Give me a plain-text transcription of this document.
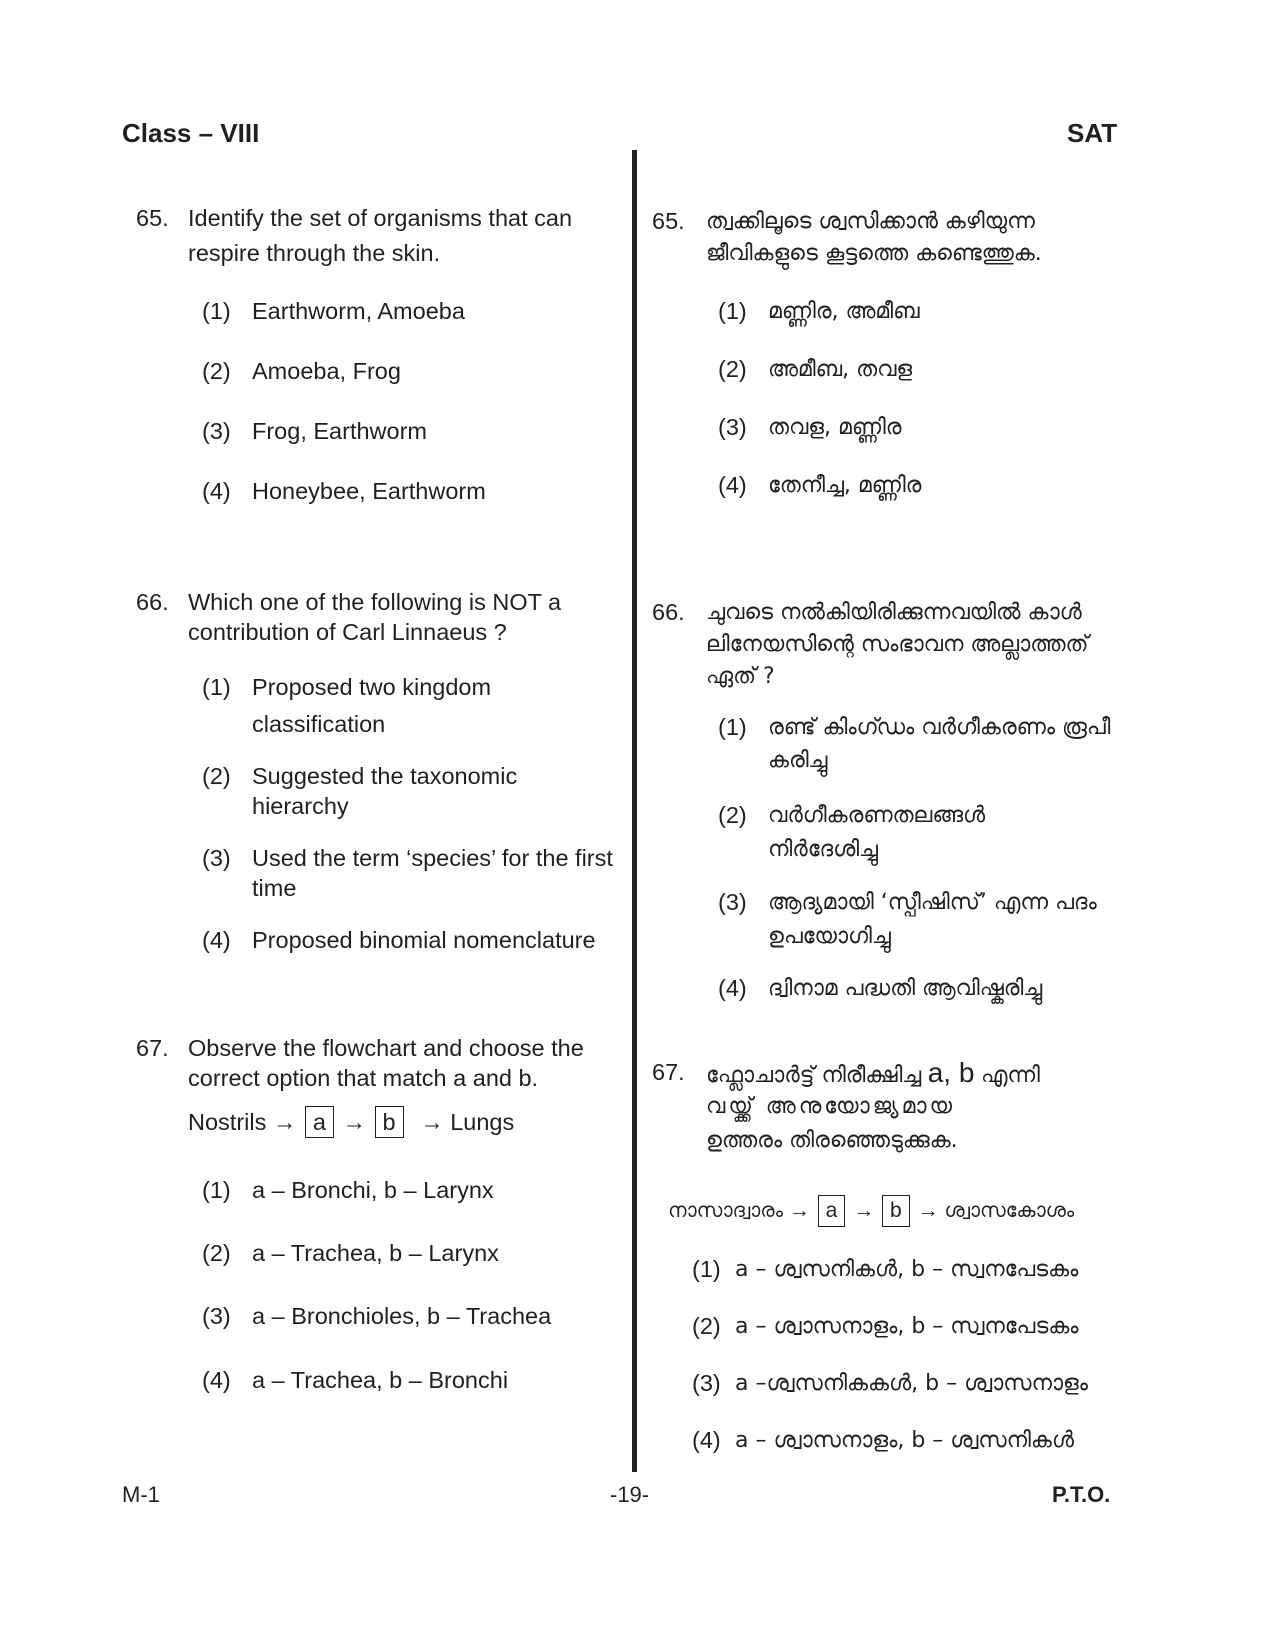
Class – VIII	SAT
65. Identify the set of organisms that can
respire through the skin.
(1) Earthworm, Amoeba
(2) Amoeba, Frog
(3) Frog, Earthworm
(4) Honeybee, Earthworm
66. Which one of the following is NOT a
contribution of Carl Linnaeus ?
(1) Proposed two kingdom
classification
(2) Suggested the taxonomic
hierarchy
(3) Used the term ‘species’ for the first
time
(4) Proposed binomial nomenclature
67. Observe the flowchart and choose the
correct option that match a and b.
Nostrils → a → b → Lungs
(1) a – Bronchi, b – Larynx
(2) a – Trachea, b – Larynx
(3) a – Bronchioles, b – Trachea
(4) a – Trachea, b – Bronchi
65. ത്വക്കിലൂടെ ശ്വസിക്കാൻ കഴിയുന്ന
ജീവികളുടെ കൂട്ടത്തെ കണ്ടെത്തുക.
(1) മണ്ണിര, അമീബ
(2) അമീബ, തവള
(3) തവള, മണ്ണിര
(4) തേനീച്ച, മണ്ണിര
66. ചുവടെ നൽകിയിരിക്കുന്നവയിൽ കാൾ
ലിനേയസിന്റെ സംഭാവന അല്ലാത്തത്
ഏത് ?
(1) രണ്ട് കിംഗ്ഡം വർഗീകരണം രൂപീ
കരിച്ചു
(2) വർഗീകരണതലങ്ങൾ
നിർദേശിച്ചു
(3) ആദ്യമായി ‘സ്പീഷിസ്’ എന്ന പദം
ഉപയോഗിച്ചു
(4) ദ്വിനാമ പദ്ധതി ആവിഷ്കരിച്ചു
67. ഫ്ലോചാർട്ട് നിരീക്ഷിച്ച a, b എന്നി
വയ്ക്ക് അനുയോജ്യമായ
ഉത്തരം തിരഞ്ഞെടുക്കുക.
നാസാദ്വാരം → a → b → ശ്വാസകോശം
(1) a – ശ്വസനികൾ, b – സ്വനപേടകം
(2) a – ശ്വാസനാളം, b – സ്വനപേടകം
(3) a –ശ്വസനികകൾ, b – ശ്വാസനാളം
(4) a – ശ്വാസനാളം, b – ശ്വസനികൾ
M-1	-19-	P.T.O.
